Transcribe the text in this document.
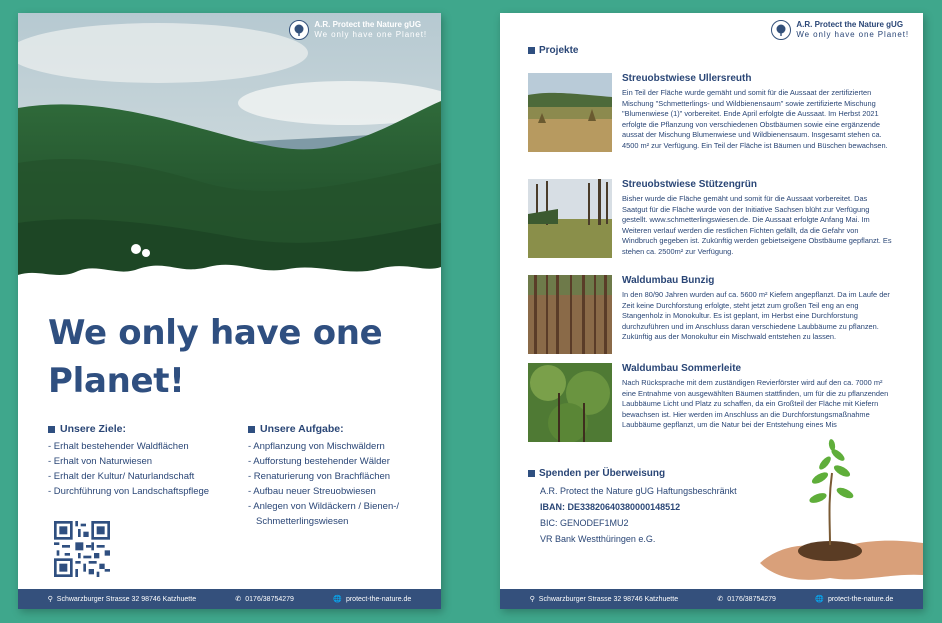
A.R. Protect the Nature gUG
We only have one Planet!
We only have one
Planet!
Unsere Ziele:
- Erhalt bestehender Waldflächen
- Erhalt von Naturwiesen
- Erhalt der Kultur/ Naturlandschaft
- Durchführung von Landschaftspflege
Unsere Aufgabe:
- Anpflanzung von Mischwäldern
- Aufforstung bestehender Wälder
- Renaturierung von Brachflächen
- Aufbau neuer Streuobwiesen
- Anlegen von Wildäckern / Bienen-/
Schmetterlingswiesen
⚲ Schwarzburger Strasse 32 98746 Katzhuette	✆ 0176/38754279	🌐 protect-the-nature.de
A.R. Protect the Nature gUG
We only have one Planet!
Projekte
Streuobstwiese Ullersreuth

Ein Teil der Fläche wurde gemäht und somit für die Aussaat der zertifizierten Mischung "Schmetterlings- und Wildbienensaum" sowie zertifizierte Mischung "Blumenwiese (1)" vorbereitet. Ende April erfolgte die Aussaat. Im Herbst 2021 erfolgte die Pflanzung von verschiedenen Obstbäumen sowie eine ergänzende aussat der Mischung Blumenwiese und Wildbienensaum. Insgesamt stehen ca. 4500 m² zur Verfügung. Ein Teil der Fläche ist Bäumen und Büschen bewachsen.

Streuobstwiese Stützengrün

Bisher wurde die Fläche gemäht und somit für die Aussaat vorbereitet. Das Saatgut für die Fläche wurde von der Initiative Sachsen blüht zur Verfügung gestellt. www.schmetterlingswiesen.de. Die Aussaat erfolgte Anfang Mai. Im Weiteren verlauf werden die restlichen Fichten gefällt, da die Gefahr von Windbruch gegeben ist. Zukünftig werden gebietseigene Obstbäume gepflanzt. Es stehen ca. 2500m² zur Verfügung.

Waldumbau Bunzig

In den 80/90 Jahren wurden auf ca. 5600 m² Kiefern angepflanzt. Da im Laufe der Zeit keine Durchforstung erfolgte, steht jetzt zum großen Teil eng an eng Stangenholz in Monokultur. Es ist geplant, im Herbst eine Durchforstung durchzuführen und im Anschluss daran verschiedene Laubbäume zu pflanzen. Zukünftig aus der Monokultur ein Mischwald entstehen zu lassen.

Waldumbau Sommerleite

Nach Rücksprache mit dem zuständigen Revierförster wird auf den ca. 7000 m² eine Entnahme von ausgewählten Bäumen stattfinden, um für die zu pflanzenden Laubbäume Licht und Platz zu schaffen, da ein Großteil der Fläche mit Kiefern bewachsen ist. Hier werden im Anschluss an die Durchforstungsmaßnahme Laubbäume gepflanzt, um die Natur bei der Entstehung eines Mis

Spenden per Überweisung
A.R. Protect the Nature gUG Haftungsbeschränkt
IBAN: DE33820640380000148512
BIC: GENODEF1MU2
VR Bank Westthüringen e.G.
⚲ Schwarzburger Strasse 32 98746 Katzhuette	✆ 0176/38754279	🌐 protect-the-nature.de
